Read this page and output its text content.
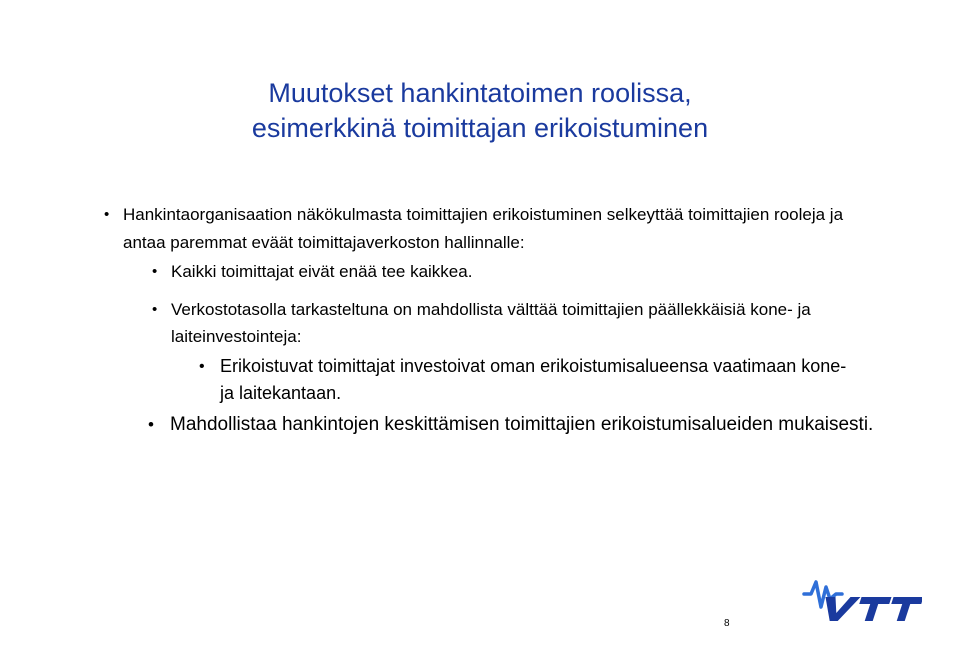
Muutokset hankintatoimen roolissa,
esimerkkinä toimittajan erikoistuminen

• Hankintaorganisaation näkökulmasta toimittajien erikoistuminen selkeyttää toimittajien rooleja ja antaa paremmat eväät toimittajaverkoston hallinnalle:

• Kaikki toimittajat eivät enää tee kaikkea.

• Verkostotasolla tarkasteltuna on mahdollista välttää toimittajien päällekkäisiä kone- ja laiteinvestointeja:

• Erikoistuvat toimittajat investoivat oman erikoistumisalueensa vaatimaan kone- ja laitekantaan.

• Mahdollistaa hankintojen keskittämisen toimittajien erikoistumisalueiden mukaisesti.

8
